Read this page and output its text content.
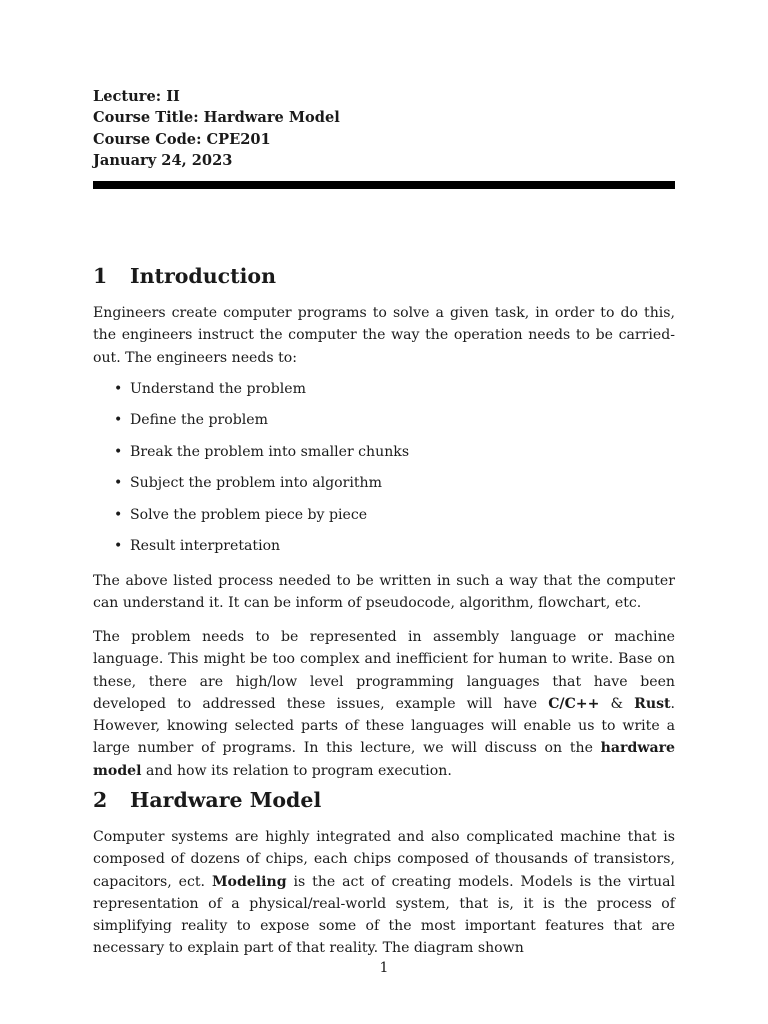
Lecture: II
Course Title: Hardware Model
Course Code: CPE201
January 24, 2023
1 Introduction

Engineers create computer programs to solve a given task, in order to do this, the engineers instruct the computer the way the operation needs to be carried-out. The engineers needs to:

• Understand the problem
• Define the problem
• Break the problem into smaller chunks
• Subject the problem into algorithm
• Solve the problem piece by piece
• Result interpretation

The above listed process needed to be written in such a way that the computer can understand it. It can be inform of pseudocode, algorithm, flowchart, etc.

The problem needs to be represented in assembly language or machine language. This might be too complex and inefficient for human to write. Base on these, there are high/low level programming languages that have been developed to addressed these issues, example will have C/C++ & Rust. However, knowing selected parts of these languages will enable us to write a large number of programs. In this lecture, we will discuss on the hardware model and how its relation to program execution.

2 Hardware Model

Computer systems are highly integrated and also complicated machine that is composed of dozens of chips, each chips composed of thousands of transistors, capacitors, ect. Modeling is the act of creating models. Models is the virtual representation of a physical/real-world system, that is, it is the process of simplifying reality to expose some of the most important features that are necessary to explain part of that reality. The diagram shown

1
